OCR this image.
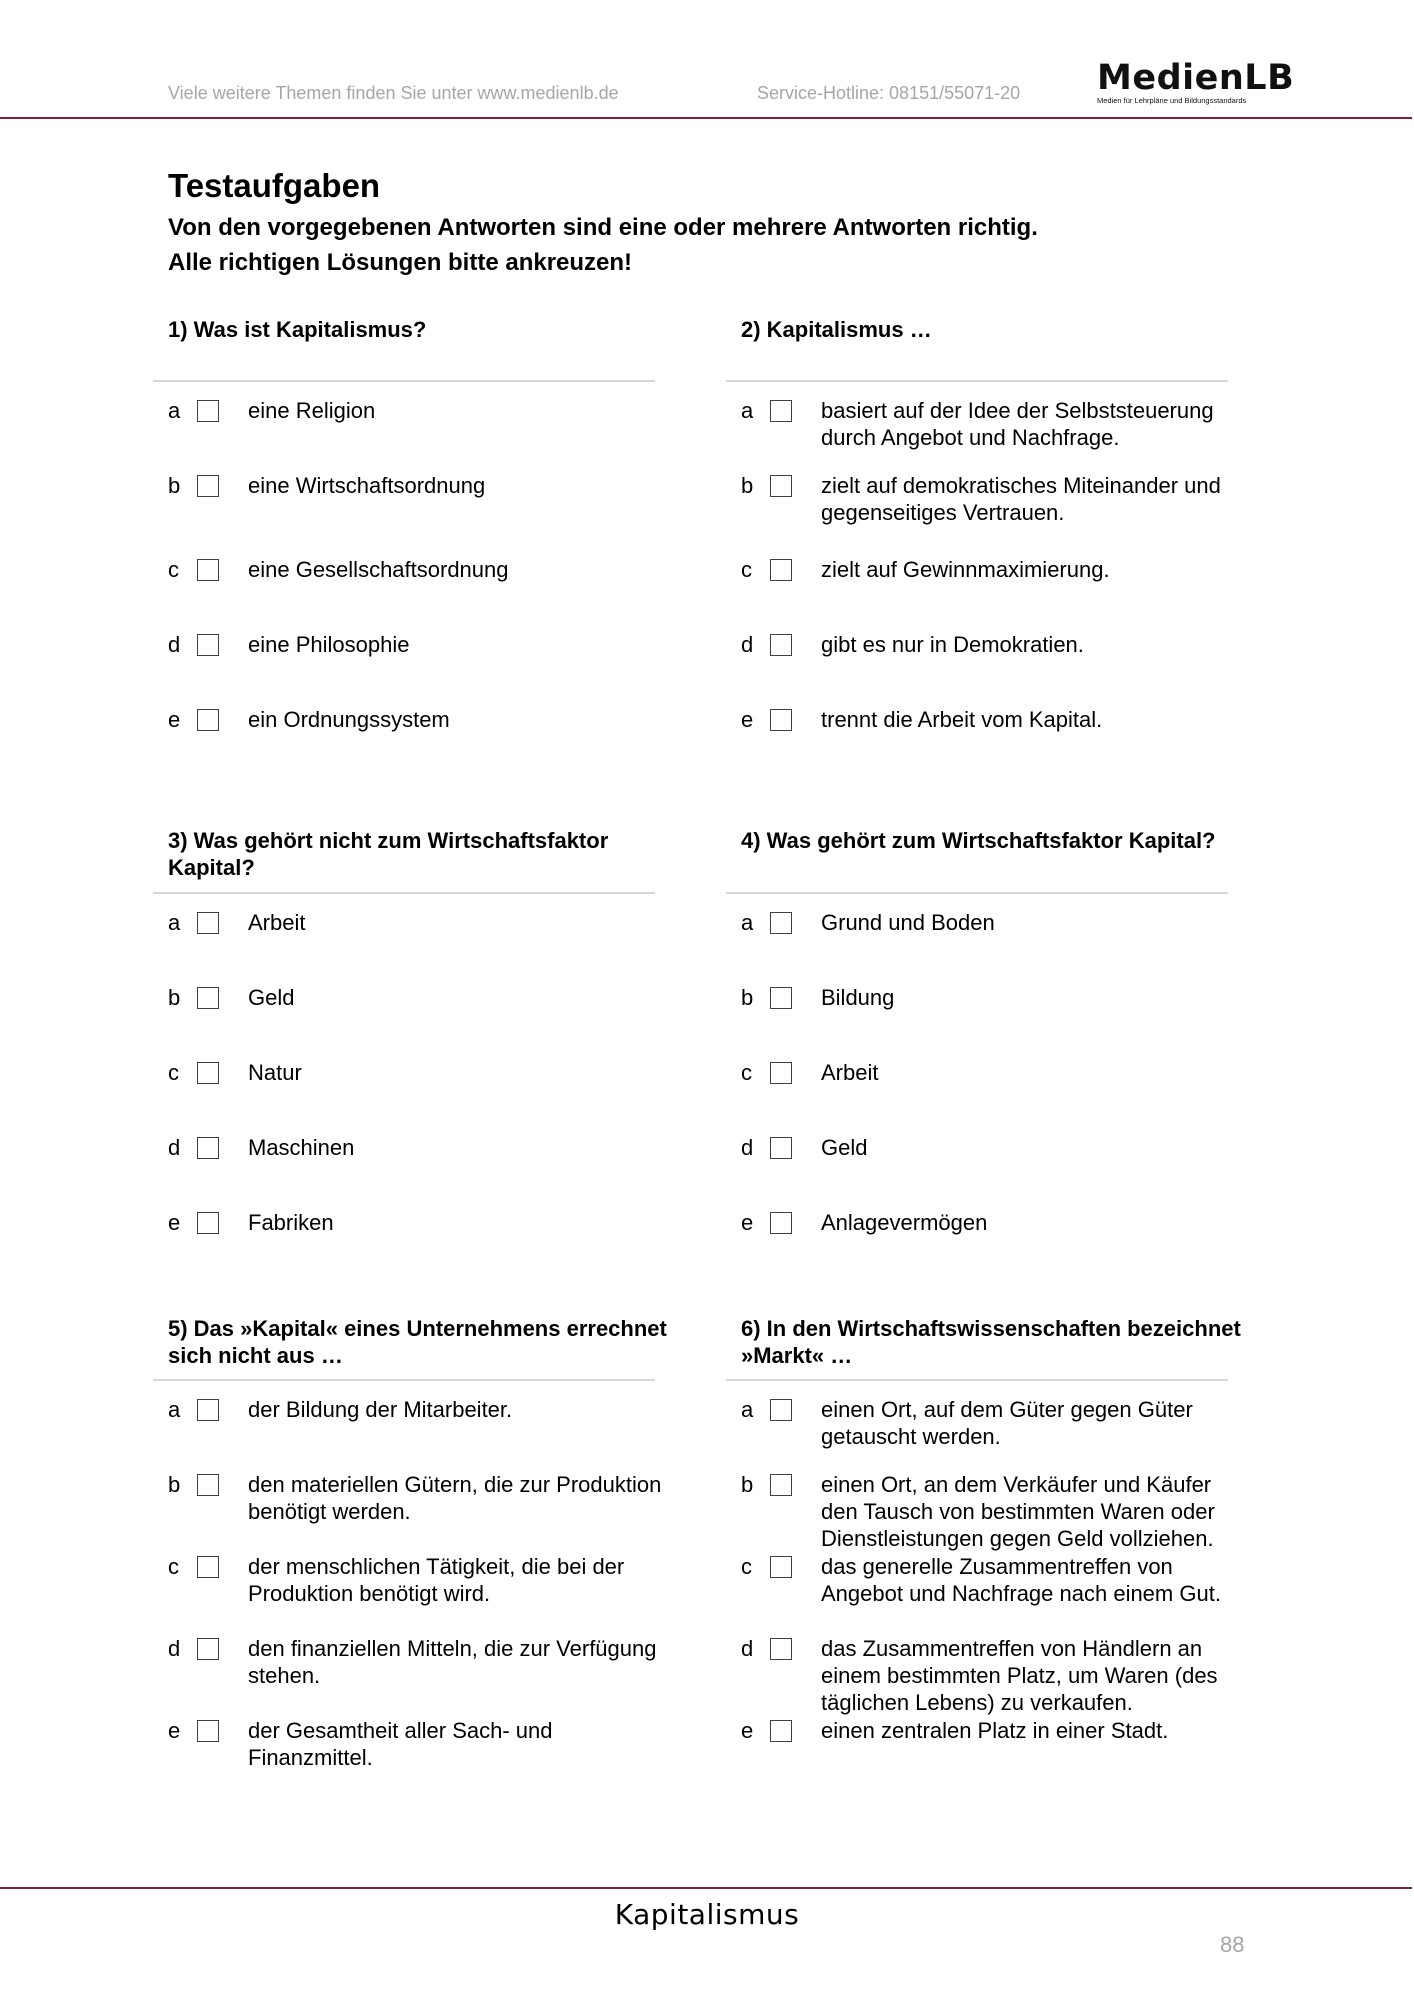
Viele weitere Themen finden Sie unter www.medienlb.de	Service-Hotline: 08151/55071-20 MedienLB
Medien für Lehrpläne und Bildungsstandards
Testaufgaben
Von den vorgegebenen Antworten sind eine oder mehrere Antworten richtig.
Alle richtigen Lösungen bitte ankreuzen!
1) Was ist Kapitalismus?
a	eine Religion
b	eine Wirtschaftsordnung
c	eine Gesellschaftsordnung
d	eine Philosophie
e	ein Ordnungssystem
2) Kapitalismus …
a	basiert auf der Idee der Selbststeuerung durch Angebot und Nachfrage.
b	zielt auf demokratisches Miteinander und gegenseitiges Vertrauen.
c	zielt auf Gewinnmaximierung.
d	gibt es nur in Demokratien.
e	trennt die Arbeit vom Kapital.
3) Was gehört nicht zum Wirtschaftsfaktor Kapital?
a	Arbeit
b	Geld
c	Natur
d	Maschinen
e	Fabriken
4) Was gehört zum Wirtschaftsfaktor Kapital?
a	Grund und Boden
b	Bildung
c	Arbeit
d	Geld
e	Anlagevermögen
5) Das »Kapital« eines Unternehmens errechnet sich nicht aus …
a	der Bildung der Mitarbeiter.
b	den materiellen Gütern, die zur Produktion benötigt werden.
c	der menschlichen Tätigkeit, die bei der Produktion benötigt wird.
d	den finanziellen Mitteln, die zur Verfügung stehen.
e	der Gesamtheit aller Sach- und Finanzmittel.
6) In den Wirtschaftswissenschaften bezeichnet »Markt« …
a	einen Ort, auf dem Güter gegen Güter getauscht werden.
b	einen Ort, an dem Verkäufer und Käufer den Tausch von bestimmten Waren oder Dienstleistungen gegen Geld vollziehen.
c	das generelle Zusammentreffen von Angebot und Nachfrage nach einem Gut.
d	das Zusammentreffen von Händlern an einem bestimmten Platz, um Waren (des täglichen Lebens) zu verkaufen.
e	einen zentralen Platz in einer Stadt.
Kapitalismus
88
